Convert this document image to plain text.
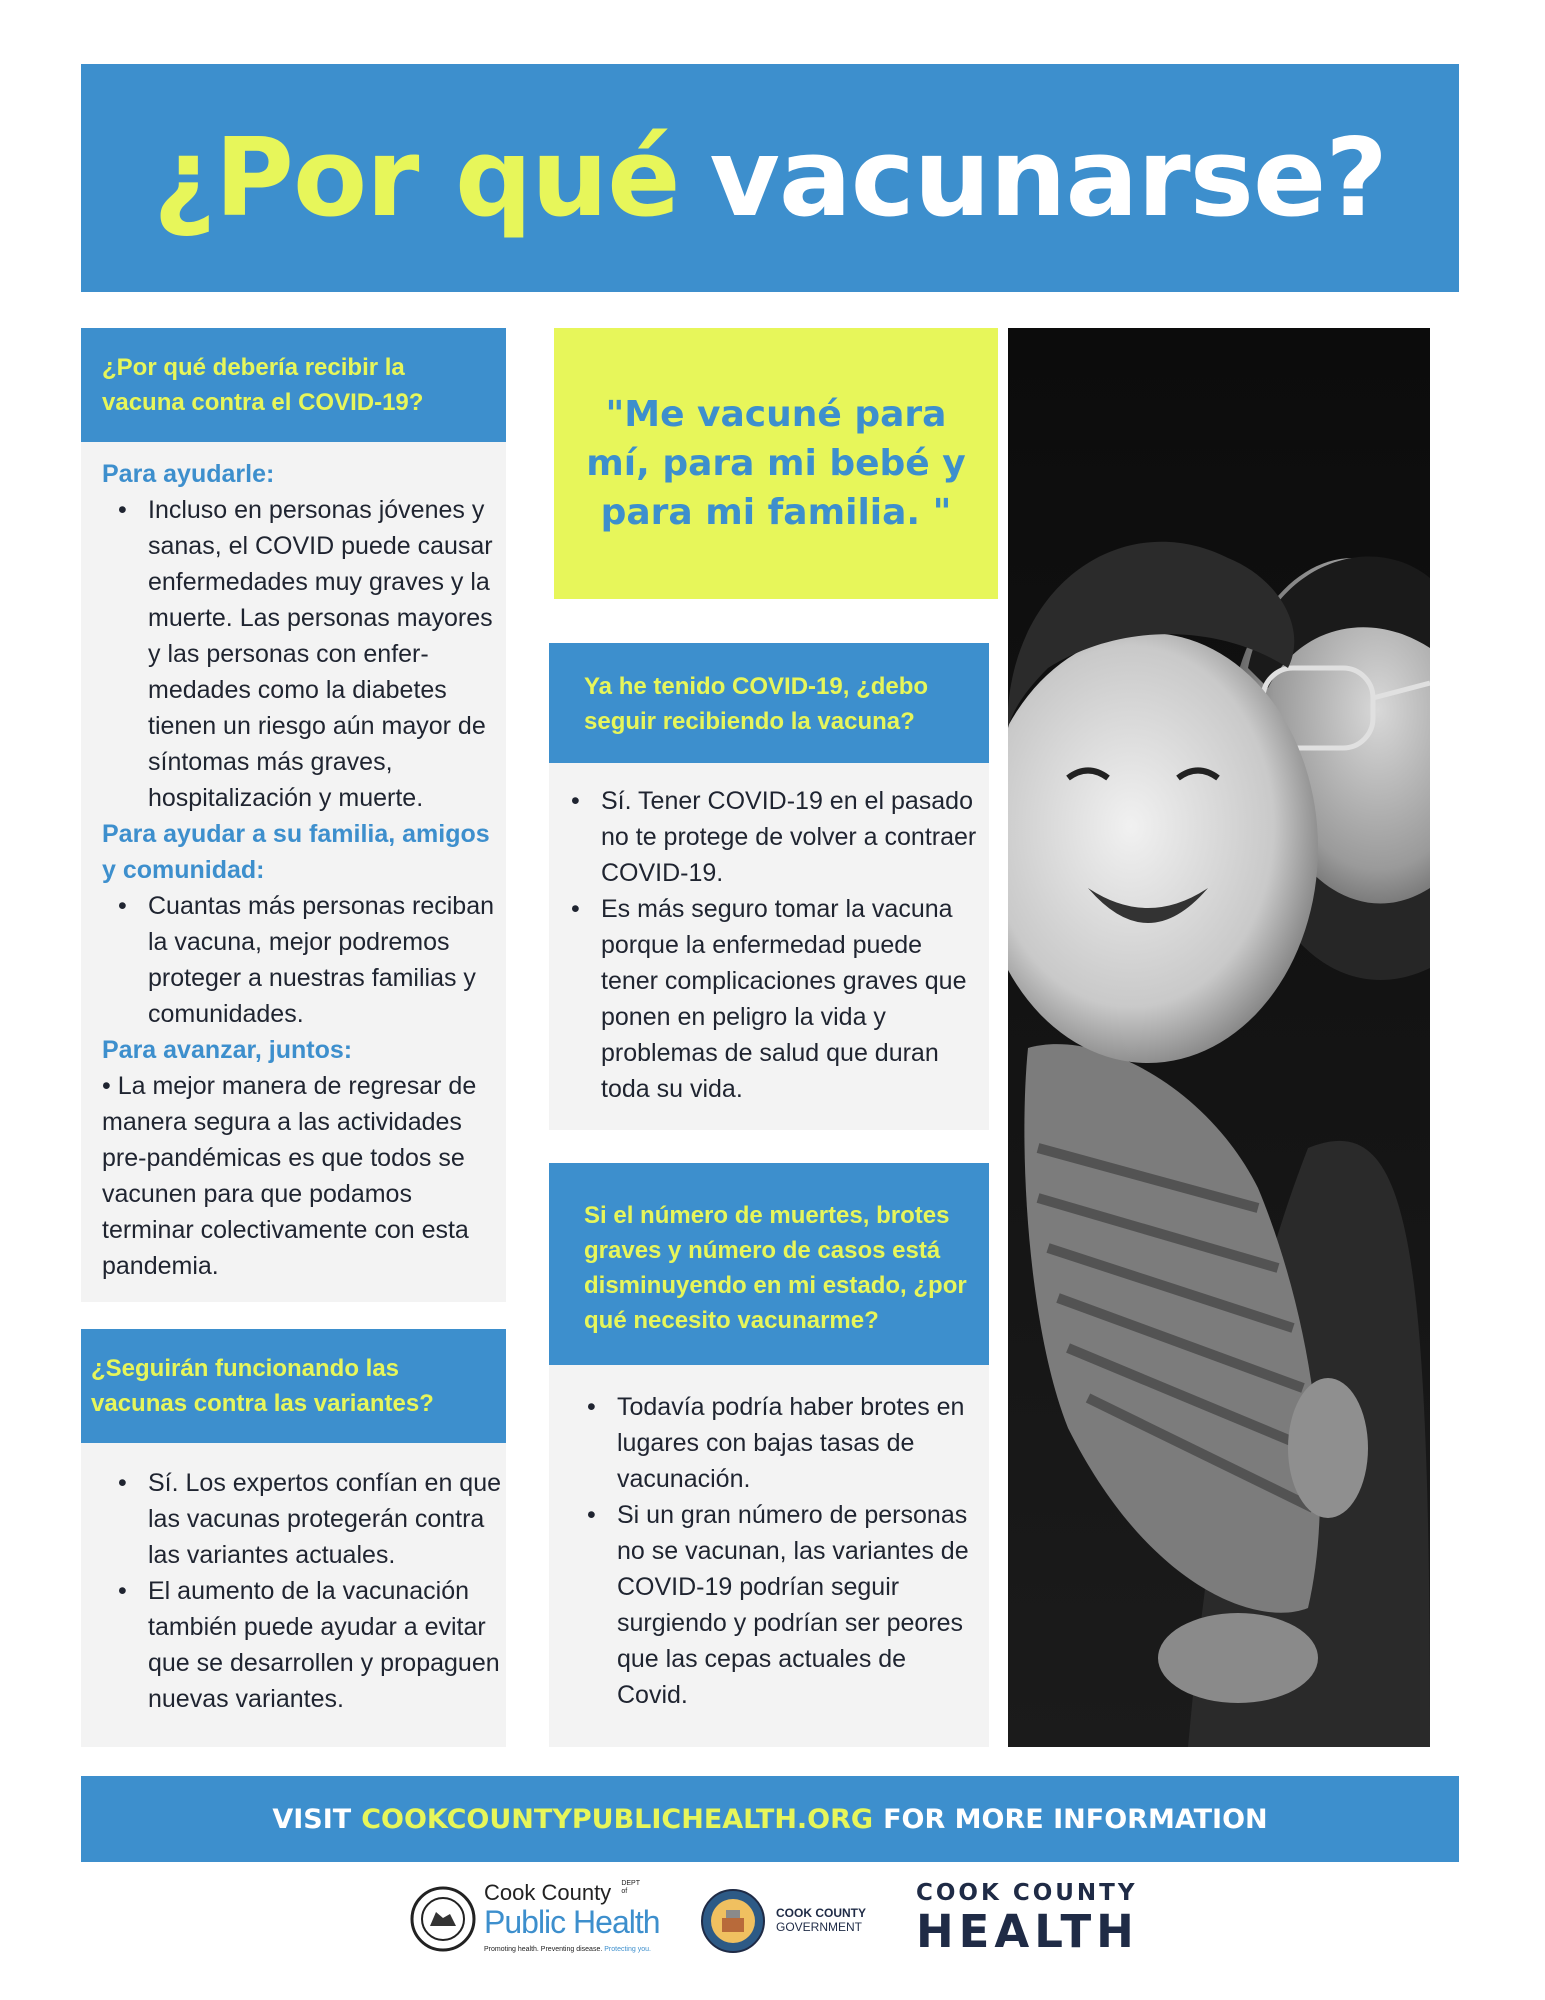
¿Por qué vacunarse?
¿Por qué debería recibir la vacuna contra el COVID-19?
Para ayudarle:
• Incluso en personas jóvenes y sanas, el COVID puede causar enfermedades muy graves y la muerte. Las personas mayores y las personas con enfer-medades como la diabetes tienen un riesgo aún mayor de síntomas más graves, hospitalización y muerte.
Para ayudar a su familia, amigos y comunidad:
• Cuantas más personas reciban la vacuna, mejor podremos proteger a nuestras familias y comunidades.
Para avanzar, juntos:
• La mejor manera de regresar de manera segura a las actividades pre-pandémicas es que todos se vacunen para que podamos terminar colectivamente con esta pandemia.
¿Seguirán funcionando las vacunas contra las variantes?
• Sí. Los expertos confían en que las vacunas protegerán contra las variantes actuales.
• El aumento de la vacunación también puede ayudar a evitar que se desarrollen y propaguen nuevas variantes.
"Me vacuné para mí, para mi bebé y para mi familia. "
Ya he tenido COVID-19, ¿debo seguir recibiendo la vacuna?
• Sí. Tener COVID-19 en el pasado no te protege de volver a contraer COVID-19.
• Es más seguro tomar la vacuna porque la enfermedad puede tener complicaciones graves que ponen en peligro la vida y problemas de salud que duran toda su vida.
Si el número de muertes, brotes graves y número de casos está disminuyendo en mi estado, ¿por qué necesito vacunarme?
• Todavía podría haber brotes en lugares con bajas tasas de vacunación.
• Si un gran número de personas no se vacunan, las variantes de COVID-19 podrían seguir surgiendo y podrían ser peores que las cepas actuales de Covid.
VISIT COOKCOUNTYPUBLICHEALTH.ORG FOR MORE INFORMATION
Cook County DEPT
of
Public Health
Promoting health. Preventing disease. Protecting you.
COOK COUNTY
GOVERNMENT
COOK COUNTY
HEALTH
